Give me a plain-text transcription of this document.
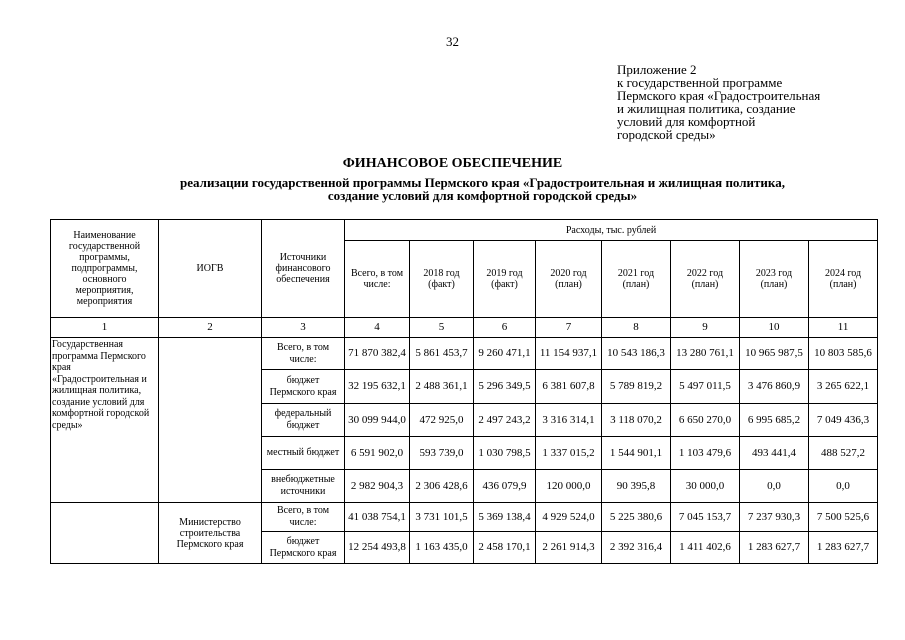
32
Приложение 2
к государственной программе
Пермского края «Градостроительная
и жилищная политика, создание
условий для комфортной
городской среды»
ФИНАНСОВОЕ ОБЕСПЕЧЕНИЕ
реализации государственной программы Пермского края «Градостроительная и жилищная политика,
создание условий для комфортной городской среды»
Наименование государственной программы, подпрограммы, основного мероприятия, мероприятия	ИОГВ	Источники финансового обеспечения	Расходы, тыс. рублей							
			Всего, в том числе:	2018 год (факт)	2019 год (факт)	2020 год (план)	2021 год (план)	2022 год (план)	2023 год (план)	2024 год (план)
1	2	3	4	5	6	7	8	9	10	11
Государственная программа Пермского края «Градостроительная и жилищная политика, создание условий для комфортной городской среды»		Всего, в том числе:	71 870 382,4	5 861 453,7	9 260 471,1	11 154 937,1	10 543 186,3	13 280 761,1	10 965 987,5	10 803 585,6
		бюджет Пермского края	32 195 632,1	2 488 361,1	5 296 349,5	6 381 607,8	5 789 819,2	5 497 011,5	3 476 860,9	3 265 622,1
		федеральный бюджет	30 099 944,0	472 925,0	2 497 243,2	3 316 314,1	3 118 070,2	6 650 270,0	6 995 685,2	7 049 436,3
		местный бюджет	6 591 902,0	593 739,0	1 030 798,5	1 337 015,2	1 544 901,1	1 103 479,6	493 441,4	488 527,2
		внебюджетные источники	2 982 904,3	2 306 428,6	436 079,9	120 000,0	90 395,8	30 000,0	0,0	0,0
	Министерство строительства Пермского края	Всего, в том числе:	41 038 754,1	3 731 101,5	5 369 138,4	4 929 524,0	5 225 380,6	7 045 153,7	7 237 930,3	7 500 525,6
		бюджет Пермского края	12 254 493,8	1 163 435,0	2 458 170,1	2 261 914,3	2 392 316,4	1 411 402,6	1 283 627,7	1 283 627,7
